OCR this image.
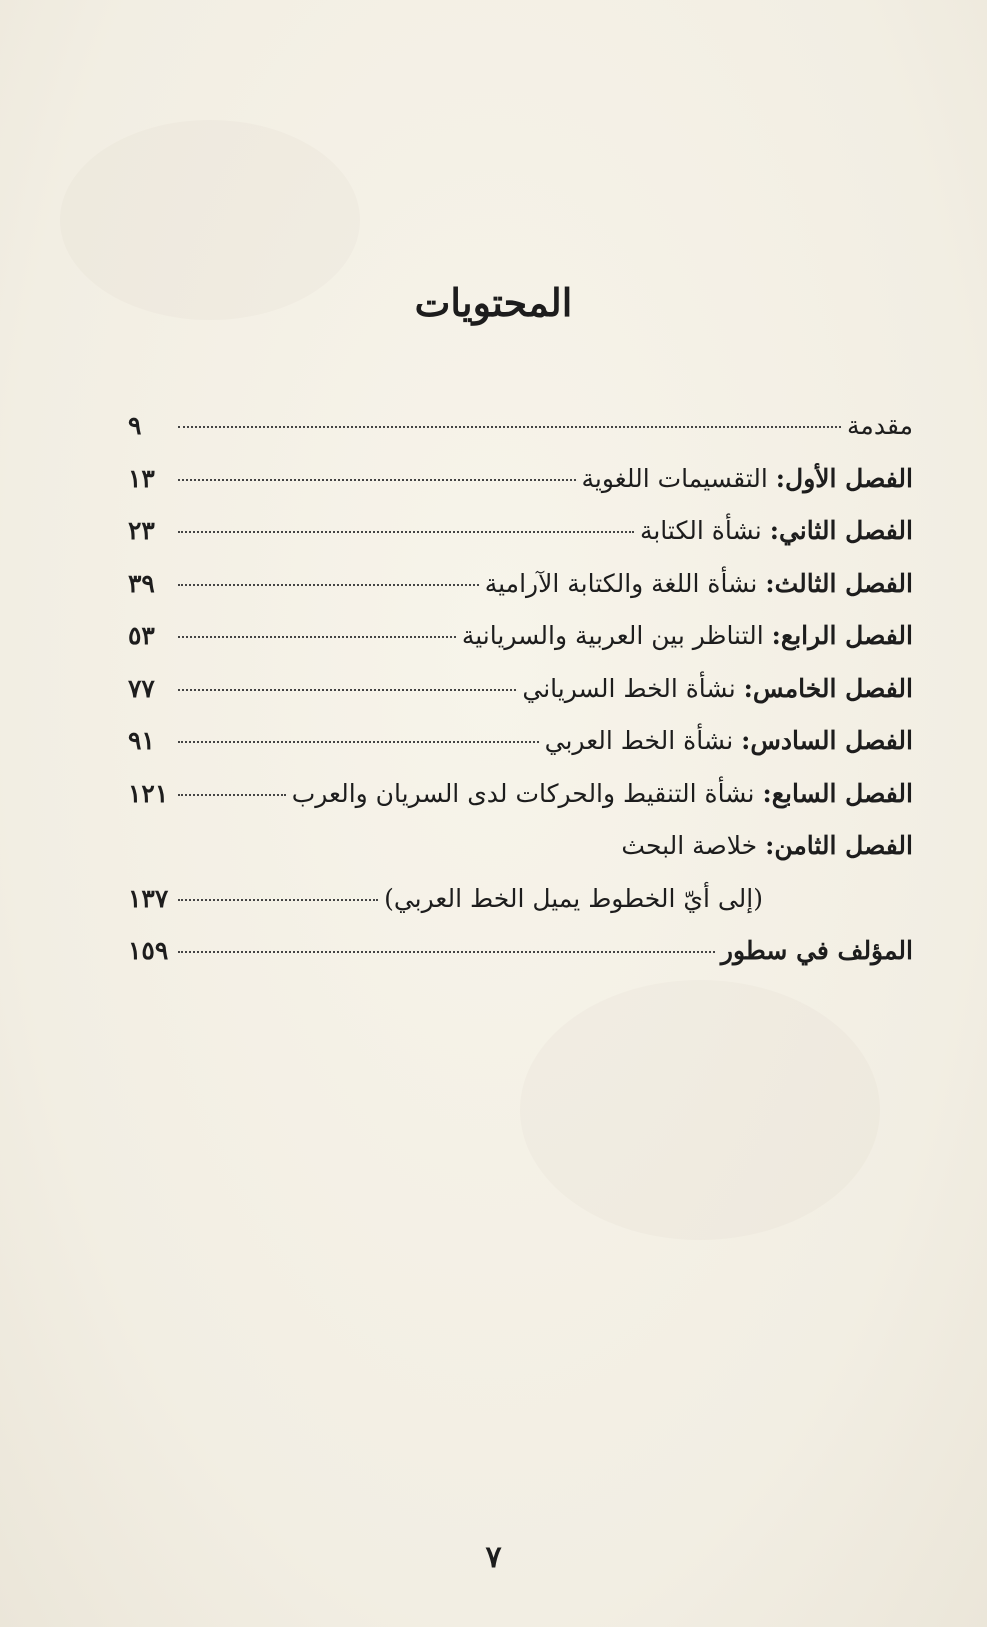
المحتويات
مقدمة
٩
الفصل الأول: التقسيمات اللغوية
١٣
الفصل الثاني: نشأة الكتابة
٢٣
الفصل الثالث: نشأة اللغة والكتابة الآرامية
٣٩
الفصل الرابع: التناظر بين العربية والسريانية
٥٣
الفصل الخامس: نشأة الخط السرياني
٧٧
الفصل السادس: نشأة الخط العربي
٩١
الفصل السابع: نشأة التنقيط والحركات لدى السريان والعرب
١٢١
الفصل الثامن: خلاصة البحث
(إلى أيّ الخطوط يميل الخط العربي)
١٣٧
المؤلف في سطور
١٥٩
٧
